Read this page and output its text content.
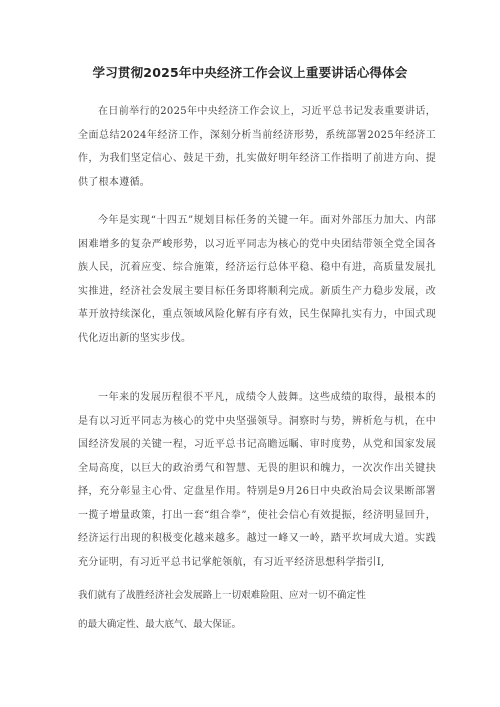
学习贯彻2025年中央经济工作会议上重要讲话心得体会

在日前举行的2025年中央经济工作会议上，习近平总书记发表重要讲话，全面总结2024年经济工作，深刻分析当前经济形势，系统部署2025年经济工作，为我们坚定信心、鼓足干劲，扎实做好明年经济工作指明了前进方向、提供了根本遵循。

今年是实现“十四五”规划目标任务的关键一年。面对外部压力加大、内部困难增多的复杂严峻形势，以习近平同志为核心的党中央团结带领全党全国各族人民，沉着应变、综合施策，经济运行总体平稳、稳中有进，高质量发展扎实推进，经济社会发展主要目标任务即将顺利完成。新质生产力稳步发展，改革开放持续深化，重点领域风险化解有序有效，民生保障扎实有力，中国式现代化迈出新的坚实步伐。

一年来的发展历程很不平凡，成绩令人鼓舞。这些成绩的取得，最根本的是有以习近平同志为核心的党中央坚强领导。洞察时与势，辨析危与机，在中国经济发展的关键一程，习近平总书记高瞻远瞩、审时度势，从党和国家发展全局高度，以巨大的政治勇气和智慧、无畏的胆识和魄力，一次次作出关键抉择，充分彰显主心骨、定盘星作用。特别是9月26日中央政治局会议果断部署一揽子增量政策，打出一套“组合拳”，使社会信心有效提振，经济明显回升，经济运行出现的积极变化越来越多。越过一峰又一岭，踏平坎坷成大道。实践充分证明，有习近平总书记掌舵领航，有习近平经济思想科学指引I,

我们就有了战胜经济社会发展路上一切艰难险阻、应对一切不确定性
的最大确定性、最大底气、最大保证。
